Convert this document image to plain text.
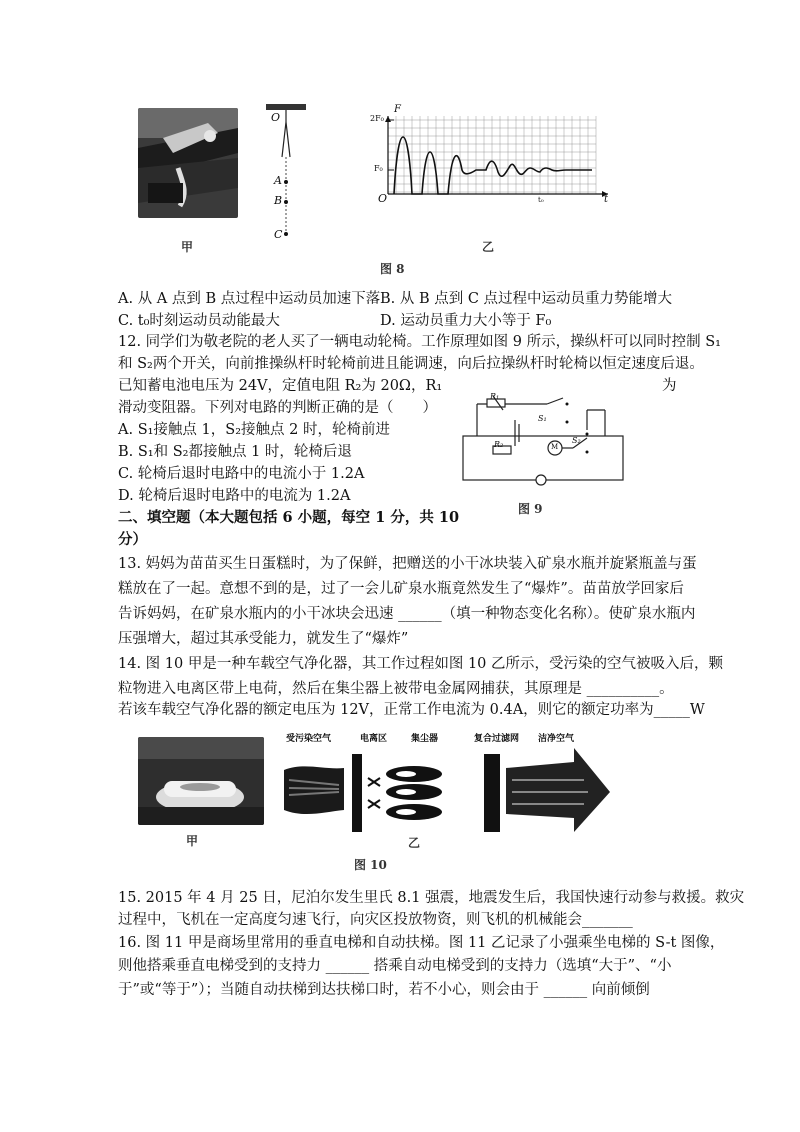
甲
O
A
B
C
F
2F₀
F₀
O	t₀	t
乙
图 8
A. 从 A 点到 B 点过程中运动员加速下落 B. 从 B 点到 C 点过程中运动员重力势能增大
C. t₀时刻运动员动能最大	D. 运动员重力大小等于 F₀
12. 同学们为敬老院的老人买了一辆电动轮椅。工作原理如图 9 所示，操纵杆可以同时控制 S₁
和 S₂两个开关，向前推操纵杆时轮椅前进且能调速，向后拉操纵杆时轮椅以恒定速度后退。
已知蓄电池电压为 24V，定值电阻 R₂为 20Ω，R₁	为
滑动变阻器。下列对电路的判断正确的是（　　）
A. S₁接触点 1，S₂接触点 2 时，轮椅前进
B. S₁和 S₂都接触点 1 时，轮椅后退
C. 轮椅后退时电路中的电流小于 1.2A
D. 轮椅后退时电路中的电流为 1.2A
R₁
S₁
S₂
M
R₂
图 9
二、填空题（本大题包括 6 小题，每空 1 分，共 10
分）
13. 妈妈为苗苗买生日蛋糕时，为了保鲜，把赠送的小干冰块装入矿泉水瓶并旋紧瓶盖与蛋
糕放在了一起。意想不到的是，过了一会儿矿泉水瓶竟然发生了“爆炸”。苗苗放学回家后
告诉妈妈，在矿泉水瓶内的小干冰块会迅速 ______（填一种物态变化名称）。使矿泉水瓶内
压强增大，超过其承受能力，就发生了“爆炸”
14. 图 10 甲是一种车载空气净化器，其工作过程如图 10 乙所示，受污染的空气被吸入后，颗
粒物进入电离区带上电荷，然后在集尘器上被带电金属网捕获，其原理是 __________。
若该车载空气净化器的额定电压为 12V，正常工作电流为 0.4A，则它的额定功率为_____W
甲
受污染空气	电离区	集尘器	复合过滤网 洁净空气
乙
图 10
15. 2015 年 4 月 25 日，尼泊尔发生里氏 8.1 强震，地震发生后，我国快速行动参与救援。救灾
过程中，飞机在一定高度匀速飞行，向灾区投放物资，则飞机的机械能会_______
16. 图 11 甲是商场里常用的垂直电梯和自动扶梯。图 11 乙记录了小强乘坐电梯的 S-t 图像，
则他搭乘垂直电梯受到的支持力 ______ 搭乘自动电梯受到的支持力（选填“大于”、“小
于”或“等于”）；当随自动扶梯到达扶梯口时，若不小心，则会由于 ______ 向前倾倒
